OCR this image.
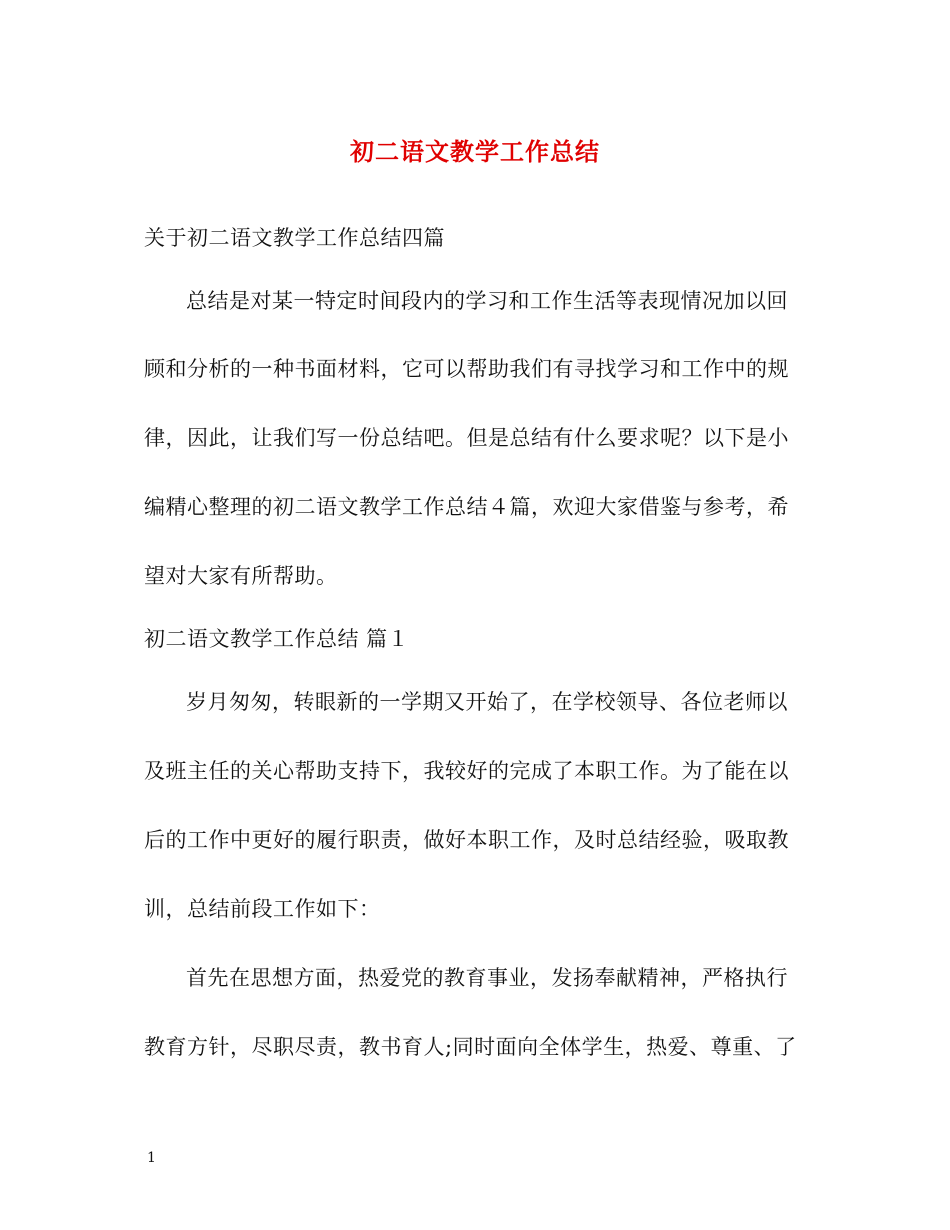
初二语文教学工作总结
关于初二语文教学工作总结四篇
总结是对某一特定时间段内的学习和工作生活等表现情况加以回
顾和分析的一种书面材料，它可以帮助我们有寻找学习和工作中的规
律，因此，让我们写一份总结吧。但是总结有什么要求呢？以下是小
编精心整理的初二语文教学工作总结４篇，欢迎大家借鉴与参考，希
望对大家有所帮助。
初二语文教学工作总结 篇１
岁月匆匆，转眼新的一学期又开始了，在学校领导、各位老师以
及班主任的关心帮助支持下，我较好的完成了本职工作。为了能在以
后的工作中更好的履行职责，做好本职工作，及时总结经验，吸取教
训，总结前段工作如下：
首先在思想方面，热爱党的教育事业，发扬奉献精神，严格执行
教育方针，尽职尽责，教书育人;同时面向全体学生，热爱、尊重、了
1
